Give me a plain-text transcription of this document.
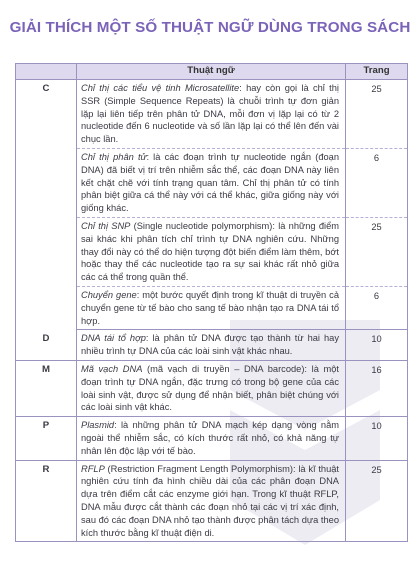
GIẢI THÍCH MỘT SỐ THUẬT NGỮ DÙNG TRONG SÁCH
	Thuật ngữ	Trang
C	Chỉ thị các tiểu vệ tinh Microsatellite: hay còn gọi là chỉ thị SSR (Simple Sequence Repeats) là chuỗi trình tự đơn giản lặp lại liên tiếp trên phân tử DNA, mỗi đơn vị lặp lại có từ 2 nucleotide đến 6 nucleotide và số lần lặp lại có thể lên đến vài chục lần.	25
	Chỉ thị phân tử: là các đoạn trình tự nucleotide ngắn (đoạn DNA) đã biết vị trí trên nhiễm sắc thể, các đoạn DNA này liên kết chặt chẽ với tính trạng quan tâm. Chỉ thị phân tử có tính phân biệt giữa cá thể này với cá thể khác, giữa giống này với giống khác.	6
	Chỉ thị SNP (Single nucleotide polymorphism): là những điểm sai khác khi phân tích chỉ trình tự DNA nghiên cứu. Những thay đổi này có thể do hiện tượng đột biến điểm làm thêm, bớt hoặc thay thế các nucleotide tạo ra sự sai khác rất nhỏ giữa các cá thể trong quần thể.	25
	Chuyển gene: một bước quyết định trong kĩ thuật di truyền cả chuyển gene từ tế bào cho sang tế bào nhận tạo ra DNA tái tổ hợp.	6
D	DNA tái tổ hợp: là phân tử DNA được tạo thành từ hai hay nhiều trình tự DNA của các loài sinh vật khác nhau.	10
M	Mã vạch DNA (mã vạch di truyền – DNA barcode): là một đoạn trình tự DNA ngắn, đặc trưng có trong bộ gene của các loài sinh vật, được sử dụng để nhận biết, phân biệt chúng với các loài sinh vật khác.	16
P	Plasmid: là những phân tử DNA mạch kép dạng vòng nằm ngoài thể nhiễm sắc, có kích thước rất nhỏ, có khả năng tự nhân lên độc lập với tế bào.	10
R	RFLP (Restriction Fragment Length Polymorphism): là kĩ thuật nghiên cứu tính đa hình chiều dài của các phân đoạn DNA dựa trên điểm cắt các enzyme giới hạn. Trong kĩ thuật RFLP, DNA mẫu được cắt thành các đoạn nhỏ tại các vị trí xác định, sau đó các đoạn DNA nhỏ tạo thành được phân tách dựa theo kích thước bằng kĩ thuật điện di.	25
